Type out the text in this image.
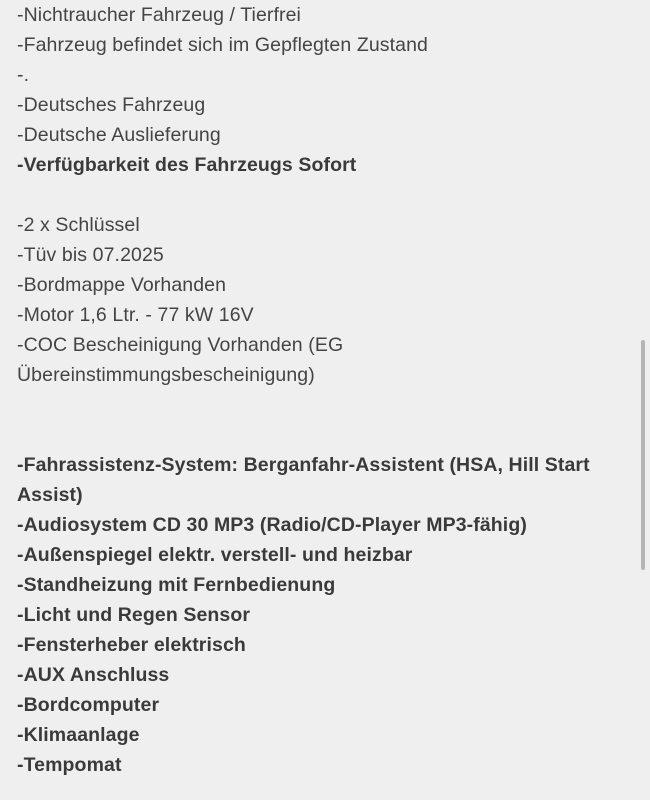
-Nichtraucher Fahrzeug / Tierfrei
-Fahrzeug befindet sich im Gepflegten Zustand
-.
-Deutsches Fahrzeug
-Deutsche Auslieferung
-Verfügbarkeit des Fahrzeugs Sofort
-2 x Schlüssel
-Tüv bis 07.2025
-Bordmappe Vorhanden
-Motor 1,6 Ltr. - 77 kW 16V
-COC Bescheinigung Vorhanden (EG Übereinstimmungsbescheinigung)
-Fahrassistenz-System: Berganfahr-Assistent (HSA, Hill Start Assist)
-Audiosystem CD 30 MP3 (Radio/CD-Player MP3-fähig)
-Außenspiegel elektr. verstell- und heizbar
-Standheizung mit Fernbedienung
-Licht und Regen Sensor
-Fensterheber elektrisch
-AUX Anschluss
-Bordcomputer
-Klimaanlage
-Tempomat
